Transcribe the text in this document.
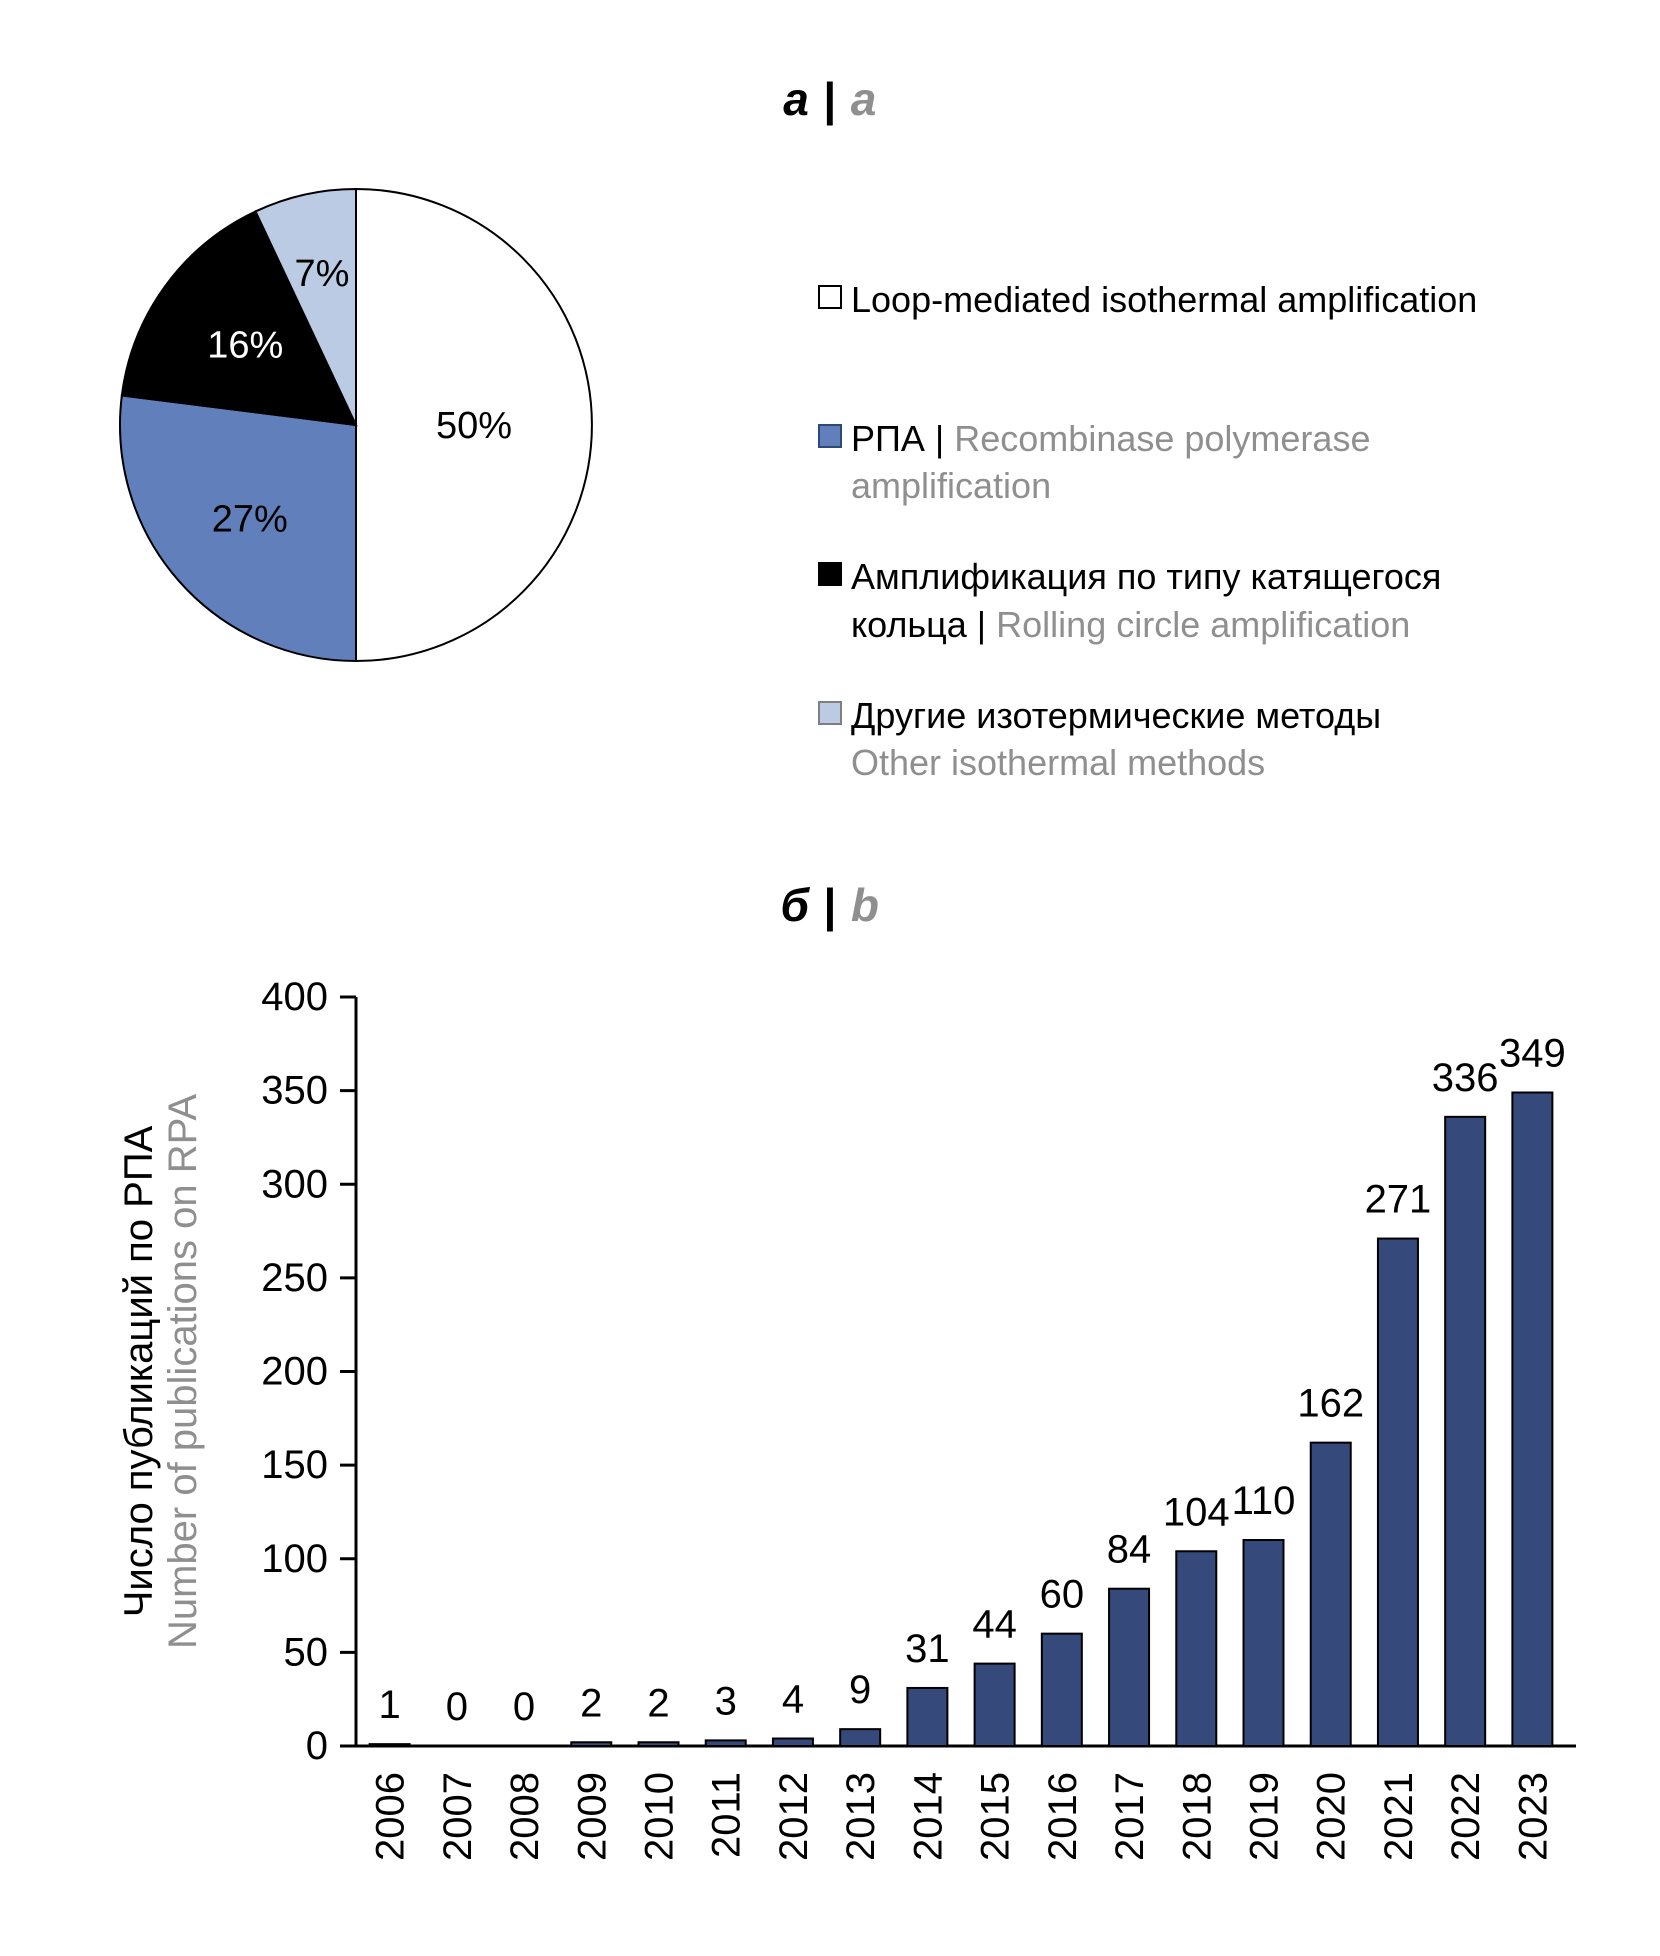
а | a
50%
27%
16%
7%
Loop-mediated isothermal amplification
РПА | Recombinase polymerase
amplification
Амплификация по типу катящегося
кольца | Rolling circle amplification
Другие изотермические методы
Other isothermal methods
б | b
0
50
100
150
200
250
300
350
400
1
2006
0
2007
0
2008
2
2009
2
2010
3
2011
4
2012
9
2013
31
2014
44
2015
60
2016
84
2017
104
2018
110
2019
162
2020
271
2021
336
2022
349
2023
Число публикаций по РПА Number of publications on RPA
